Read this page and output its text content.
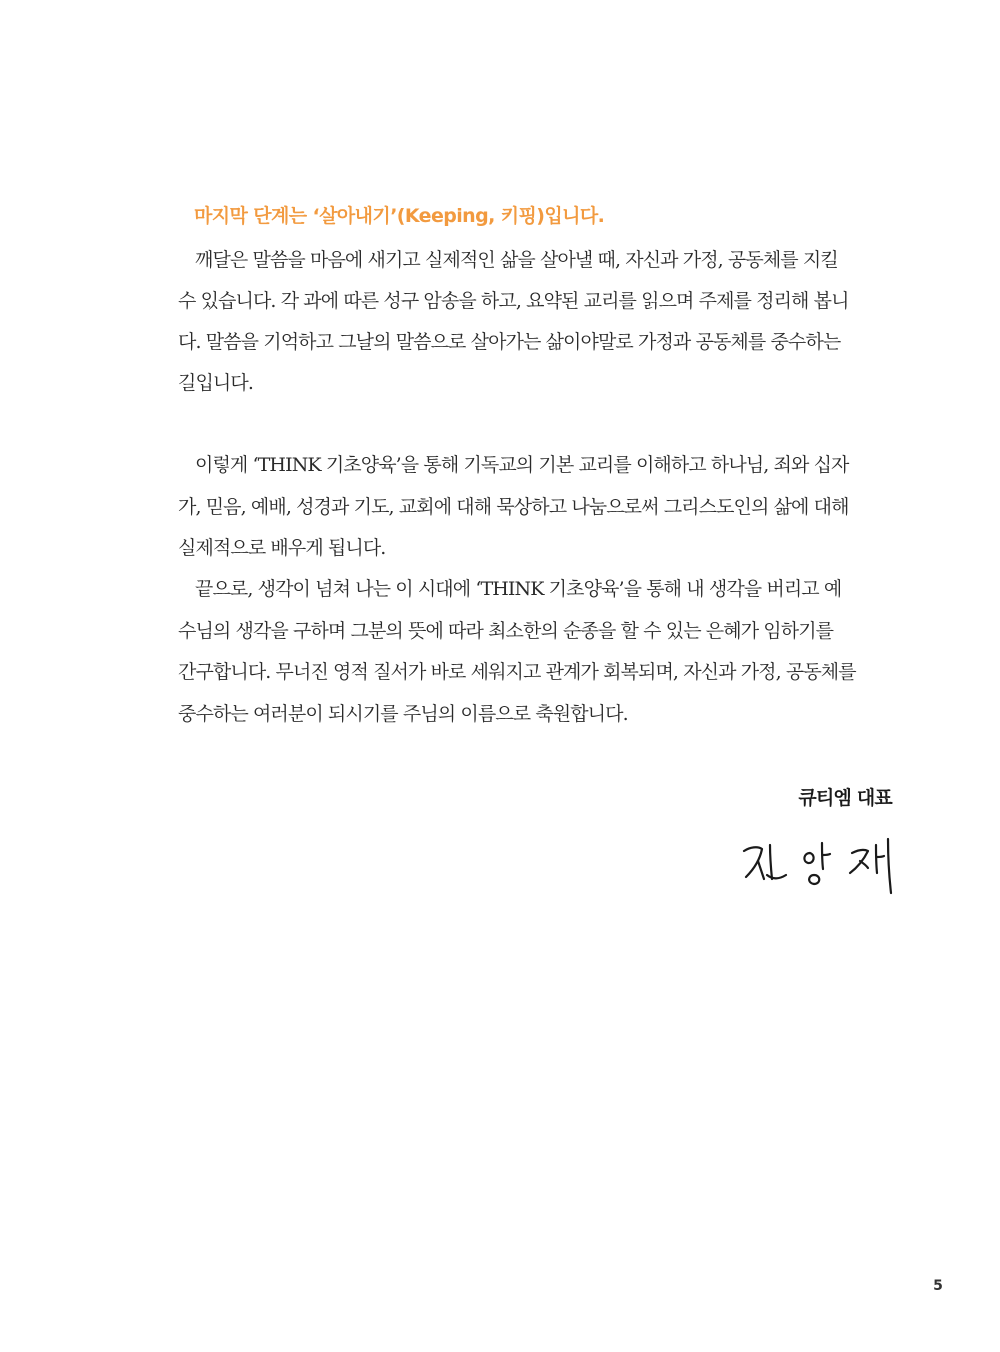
마지막 단계는 ‘살아내기’(Keeping, 키핑)입니다.
깨달은 말씀을 마음에 새기고 실제적인 삶을 살아낼 때, 자신과 가정, 공동체를 지킬
수 있습니다. 각 과에 따른 성구 암송을 하고, 요약된 교리를 읽으며 주제를 정리해 봅니
다. 말씀을 기억하고 그날의 말씀으로 살아가는 삶이야말로 가정과 공동체를 중수하는
길입니다.
이렇게 ‘THINK 기초양육’을 통해 기독교의 기본 교리를 이해하고 하나님, 죄와 십자
가, 믿음, 예배, 성경과 기도, 교회에 대해 묵상하고 나눔으로써 그리스도인의 삶에 대해
실제적으로 배우게 됩니다.
끝으로, 생각이 넘쳐 나는 이 시대에 ‘THINK 기초양육’을 통해 내 생각을 버리고 예
수님의 생각을 구하며 그분의 뜻에 따라 최소한의 순종을 할 수 있는 은혜가 임하기를
간구합니다. 무너진 영적 질서가 바로 세워지고 관계가 회복되며, 자신과 가정, 공동체를
중수하는 여러분이 되시기를 주님의 이름으로 축원합니다.
큐티엠 대표
5
